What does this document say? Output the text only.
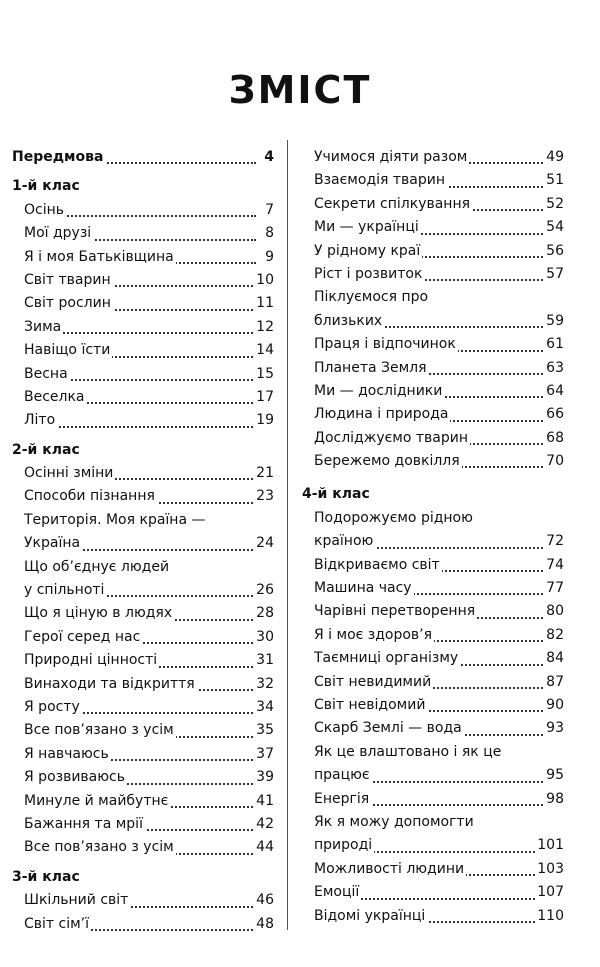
ЗМІСТ
Передмова	4
1-й клас
Осінь	7
Мої друзі	8
Я і моя Батьківщина	9
Світ тварин	10
Світ рослин	11
Зима	12
Навіщо їсти	14
Весна	15
Веселка	17
Літо	19
2-й клас
Осінні зміни	21
Способи пізнання	23
Територія. Моя країна —
Україна	24
Що об’єднує людей
у спільноті	26
Що я ціную в людях	28
Герої серед нас	30
Природні цінності	31
Винаходи та відкриття	32
Я росту	34
Все пов’язано з усім	35
Я навчаюсь	37
Я розвиваюсь	39
Минуле й майбутнє	41
Бажання та мрії	42
Все пов’язано з усім	44
3-й клас
Шкільний світ	46
Світ сім’ї	48
Учимося діяти разом	49
Взаємодія тварин	51
Секрети спілкування	52
Ми — українці	54
У рідному краї	56
Ріст і розвиток	57
Піклуємося про
близьких	59
Праця і відпочинок	61
Планета Земля	63
Ми — дослідники	64
Людина і природа	66
Досліджуємо тварин	68
Бережемо довкілля	70
4-й клас
Подорожуємо рідною
країною	72
Відкриваємо світ	74
Машина часу	77
Чарівні перетворення	80
Я і моє здоров’я	82
Таємниці організму	84
Світ невидимий	87
Світ невідомий	90
Скарб Землі — вода	93
Як це влаштовано і як це
працює	95
Енергія	98
Як я можу допомогти
природі	101
Можливості людини	103
Емоції	107
Відомі українці	110
